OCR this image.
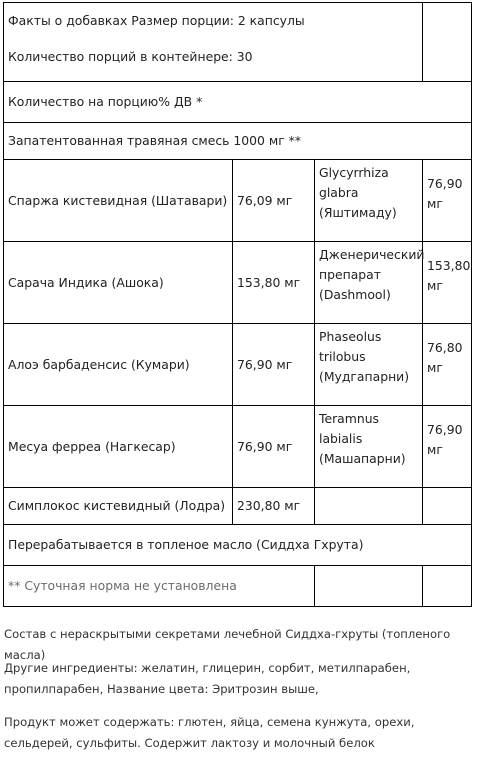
Факты о добавках Размер порции: 2 капсулы
Количество порций в контейнере: 30			

Количество на порцию% ДВ *			
Запатентованная травяная смесь 1000 мг **			
Спаржа кистевидная (Шатавари)	76,09 мг	Glycyrrhiza glabra (Яштимаду)	76,90 мг
Сарача Индика (Ашока)	153,80 мг	Дженерический препарат (Dashmool)	153,80 мг
Алоэ барбаденсис (Кумари)	76,90 мг	Phaseolus trilobus (Мудгапарни)	76,80 мг
Месуа ферреа (Нагкесар)	76,90 мг	Teramnus labialis (Машапарни)	76,90 мг
Симплокос кистевидный (Лодра)	230,80 мг		
Перерабатывается в топленое масло (Сиддха Гхрута)			
** Суточная норма не установлена			
Состав с нераскрытыми секретами лечебной Сиддха-гхруты (топленого масла)
Другие ингредиенты: желатин, глицерин, сорбит, метилпарабен, пропилпарабен, Название цвета: Эритрозин выше,
Продукт может содержать: глютен, яйца, семена кунжута, орехи, сельдерей, сульфиты. Содержит лактозу и молочный белок
